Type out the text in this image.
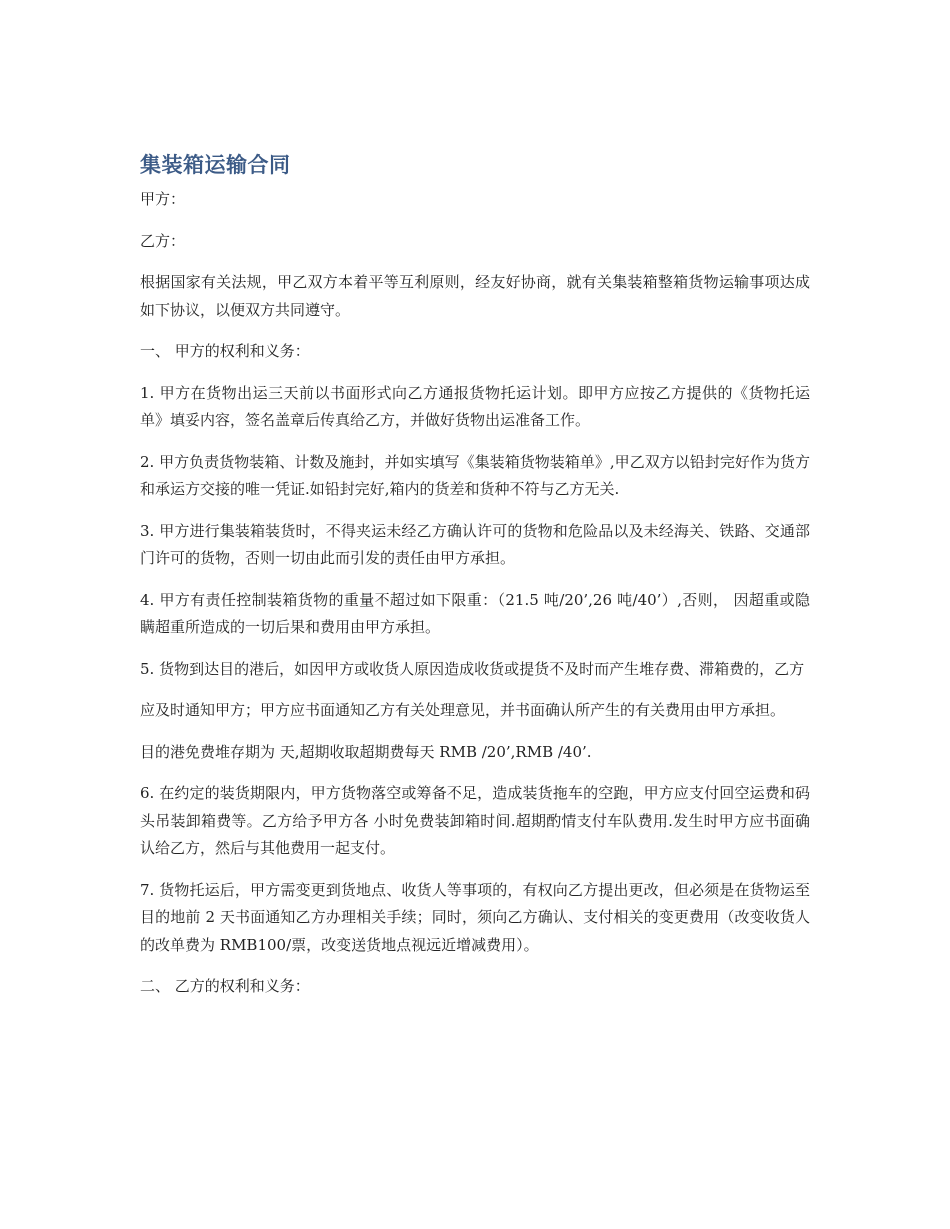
集装箱运输合同

甲方：

乙方：

根据国家有关法规，甲乙双方本着平等互利原则，经友好协商，就有关集装箱整箱货物运输事项达成如下协议，以便双方共同遵守。

一、 甲方的权利和义务：

1. 甲方在货物出运三天前以书面形式向乙方通报货物托运计划。即甲方应按乙方提供的《货物托运单》填妥内容，签名盖章后传真给乙方，并做好货物出运准备工作。

2. 甲方负责货物装箱、计数及施封，并如实填写《集装箱货物装箱单》,甲乙双方以铅封完好作为货方和承运方交接的唯一凭证.如铅封完好,箱内的货差和货种不符与乙方无关.

3. 甲方进行集装箱装货时，不得夹运未经乙方确认许可的货物和危险品以及未经海关、铁路、交通部门许可的货物，否则一切由此而引发的责任由甲方承担。

4. 甲方有责任控制装箱货物的重量不超过如下限重：（21.5 吨/20’,26 吨/40’）,否则， 因超重或隐瞒超重所造成的一切后果和费用由甲方承担。

5. 货物到达目的港后，如因甲方或收货人原因造成收货或提货不及时而产生堆存费、滞箱费的，乙方

应及时通知甲方；甲方应书面通知乙方有关处理意见，并书面确认所产生的有关费用由甲方承担。

目的港免费堆存期为 天,超期收取超期费每天 RMB /20’,RMB /40’.

6. 在约定的装货期限内，甲方货物落空或筹备不足，造成装货拖车的空跑，甲方应支付回空运费和码头吊装卸箱费等。乙方给予甲方各 小时免费装卸箱时间.超期酌情支付车队费用.发生时甲方应书面确认给乙方，然后与其他费用一起支付。

7. 货物托运后，甲方需变更到货地点、收货人等事项的，有权向乙方提出更改，但必须是在货物运至目的地前 2 天书面通知乙方办理相关手续；同时，须向乙方确认、支付相关的变更费用（改变收货人的改单费为 RMB100/票，改变送货地点视远近增减费用）。

二、 乙方的权利和义务：
